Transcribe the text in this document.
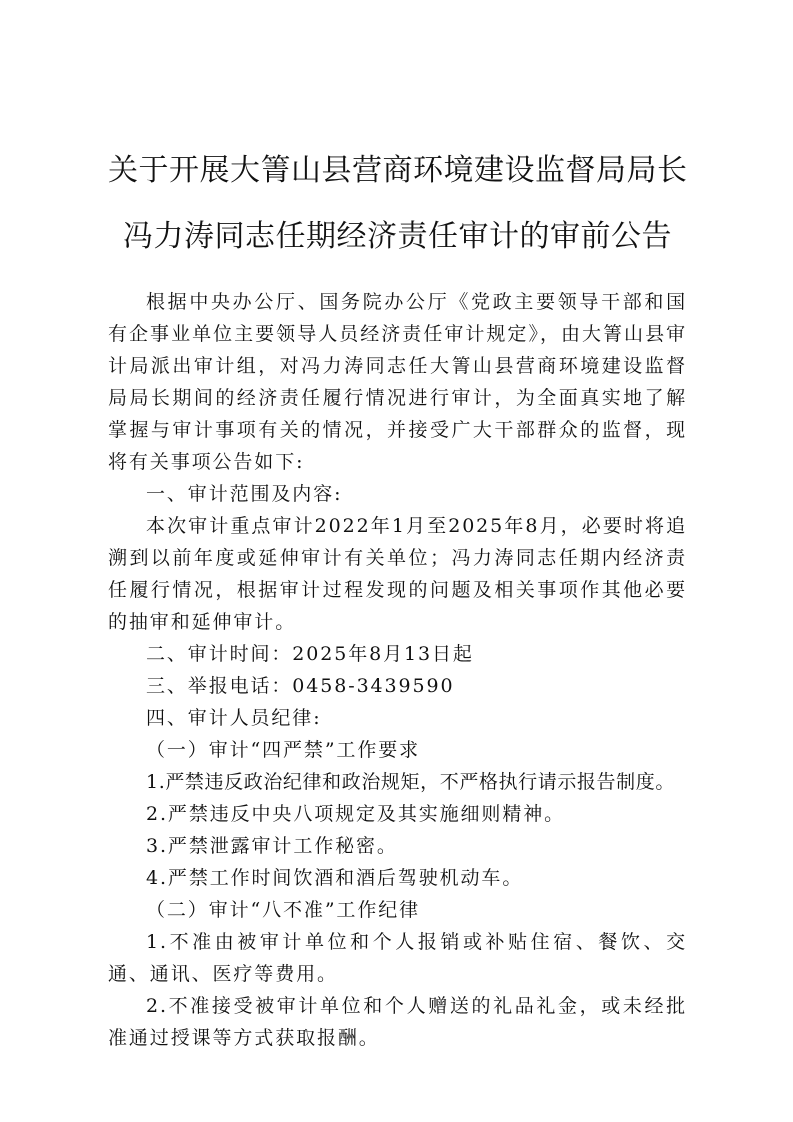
关于开展大箐山县营商环境建设监督局局长
冯力涛同志任期经济责任审计的审前公告

根据中央办公厅、国务院办公厅《党政主要领导干部和国有企事业单位主要领导人员经济责任审计规定》，由大箐山县审计局派出审计组，对冯力涛同志任大箐山县营商环境建设监督局局长期间的经济责任履行情况进行审计，为全面真实地了解掌握与审计事项有关的情况，并接受广大干部群众的监督，现将有关事项公告如下:

一、审计范围及内容:

本次审计重点审计2022年1月至2025年8月，必要时将追溯到以前年度或延伸审计有关单位；冯力涛同志任期内经济责任履行情况，根据审计过程发现的问题及相关事项作其他必要的抽审和延伸审计。

二、审计时间：2025年8月13日起

三、举报电话：0458-3439590

四、审计人员纪律:

（一）审计“四严禁”工作要求

1.严禁违反政治纪律和政治规矩，不严格执行请示报告制度。

2.严禁违反中央八项规定及其实施细则精神。

3.严禁泄露审计工作秘密。

4.严禁工作时间饮酒和酒后驾驶机动车。

（二）审计“八不准”工作纪律

1.不准由被审计单位和个人报销或补贴住宿、餐饮、交通、通讯、医疗等费用。

2.不准接受被审计单位和个人赠送的礼品礼金，或未经批准通过授课等方式获取报酬。
